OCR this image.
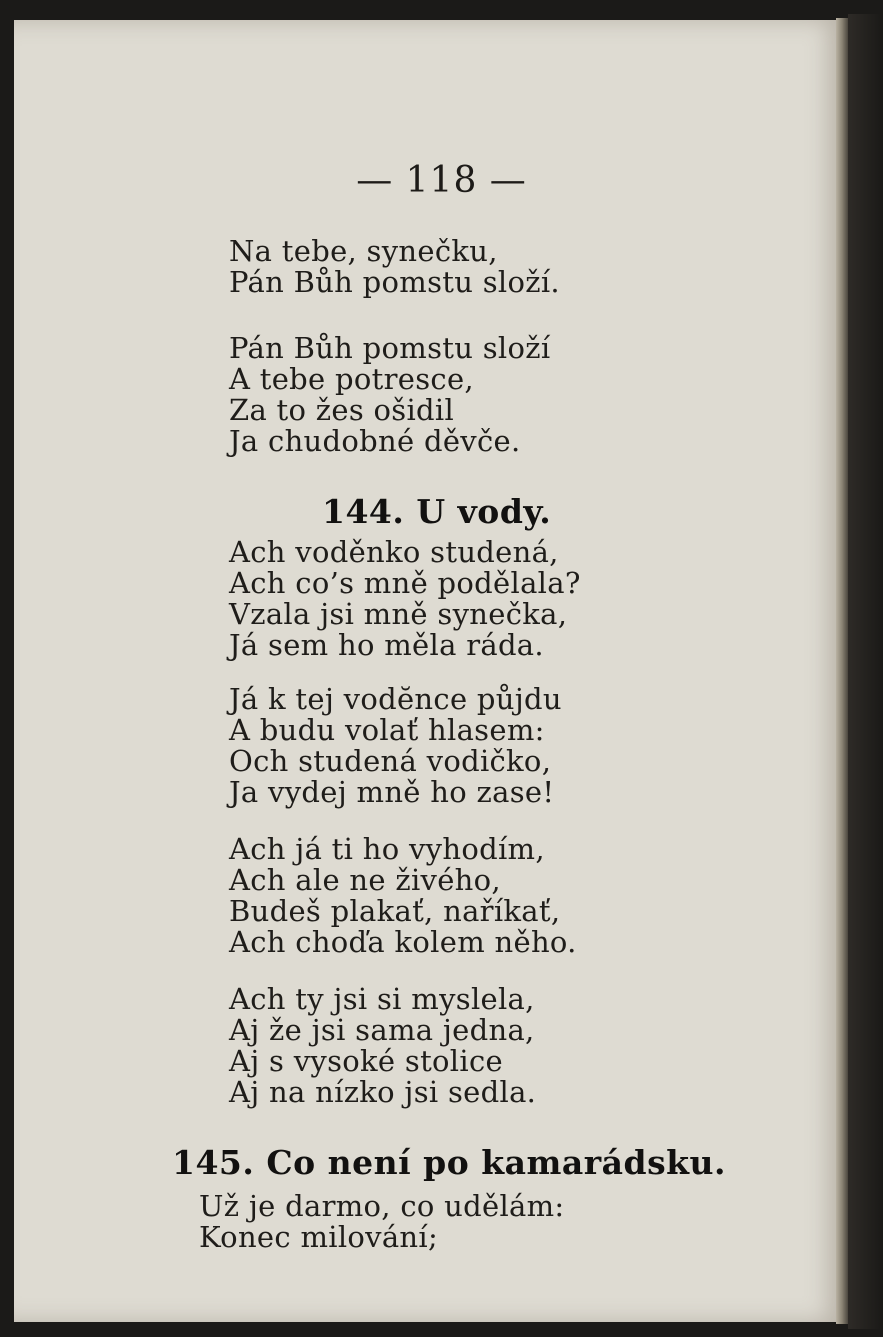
— 118 —
Na tebe, synečku,
Pán Bůh pomstu složí.
Pán Bůh pomstu složí
A tebe potresce,
Za to žes ošidil
Ja chudobné děvče.
144. U vody.
Ach voděnko studená,
Ach co’s mně podělala?
Vzala jsi mně synečka,
Já sem ho měla ráda.
Já k tej vodĕnce půjdu
A budu volať hlasem:
Och studená vodičko,
Ja vydej mně ho zase!
Ach já ti ho vyhodím,
Ach ale ne živého,
Budeš plakať, naříkať,
Ach choďa kolem něho.
Ach ty jsi si myslela,
Aj že jsi sama jedna,
Aj s vysoké stolice
Aj na nízko jsi sedla.
145. Co není po kamarádsku.
Už je darmo, co udělám:
Konec milování;
